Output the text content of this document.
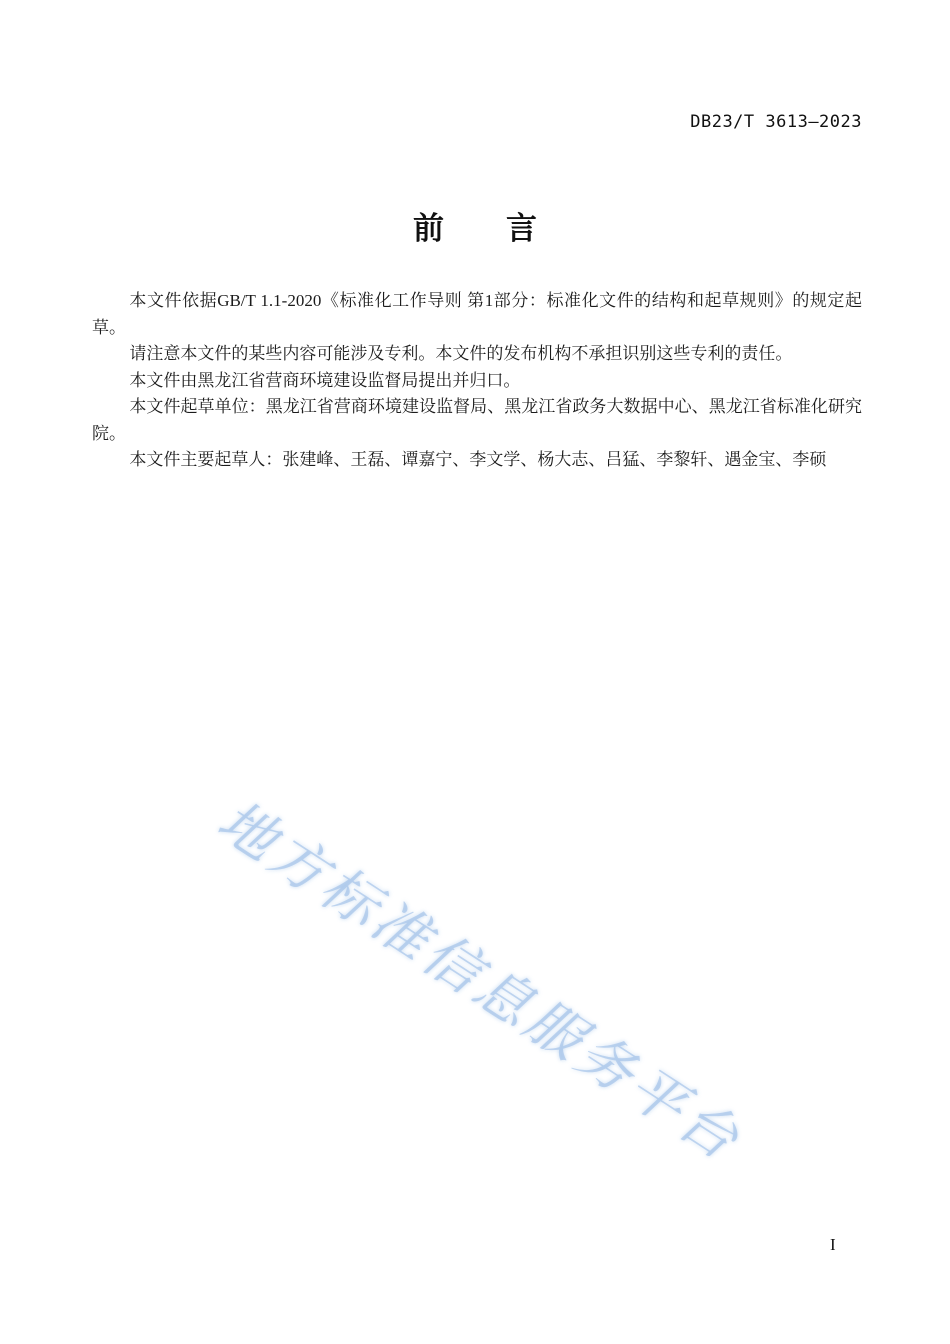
DB23/T 3613—2023
前　　言

本文件依据GB/T 1.1-2020《标准化工作导则 第1部分：标准化文件的结构和起草规则》的规定起草。

请注意本文件的某些内容可能涉及专利。本文件的发布机构不承担识别这些专利的责任。

本文件由黑龙江省营商环境建设监督局提出并归口。

本文件起草单位：黑龙江省营商环境建设监督局、黑龙江省政务大数据中心、黑龙江省标准化研究院。

本文件主要起草人：张建峰、王磊、谭嘉宁、李文学、杨大志、吕猛、李黎轩、遇金宝、李硕

地方标准信息服务平台
I
